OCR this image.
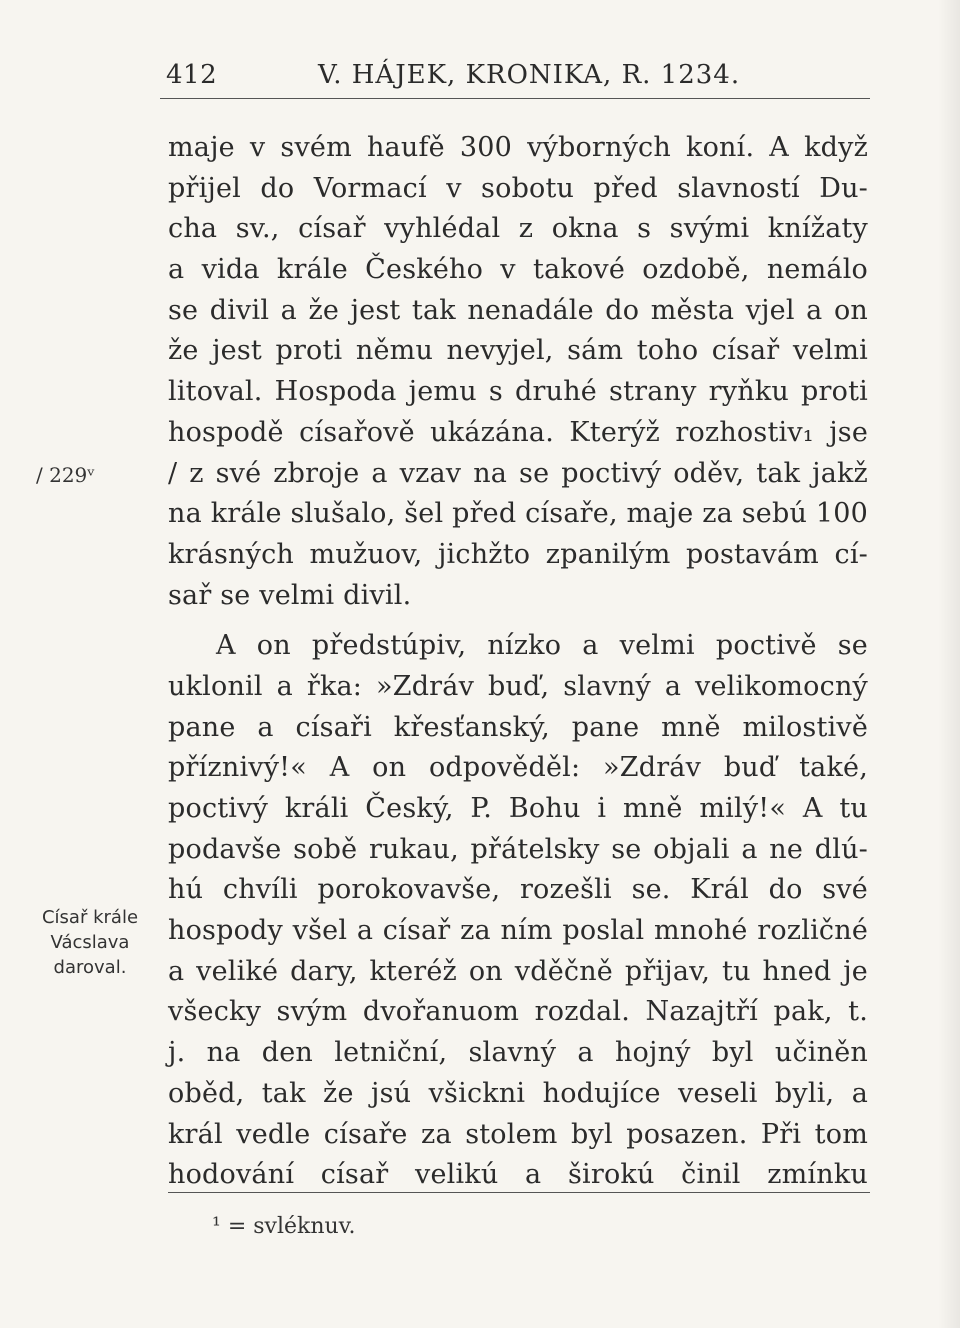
412	V. HÁJEK, KRONIKA, R. 1234.
/ 229ᵛ
Císař krále
Vácslava
daroval.
maje v svém haufě 300 výborných koní. A když
přijel do Vormací v sobotu před slavností Du-
cha sv., císař vyhlédal z okna s svými knížaty
a vida krále Českého v takové ozdobě, nemálo
se divil a že jest tak nenadále do města vjel a on
že jest proti němu nevyjel, sám toho císař velmi
litoval. Hospoda jemu s druhé strany ryňku proti
hospodě císařově ukázána. Kterýž rozhostiv₁ jse
/ z své zbroje a vzav na se poctivý oděv, tak jakž
na krále slušalo, šel před císaře, maje za sebú 100
krásných mužuov, jichžto zpanilým postavám cí-
sař se velmi divil.
A on předstúpiv, nízko a velmi poctivě se
uklonil a řka: »Zdráv buď, slavný a velikomocný
pane a císaři křesťanský, pane mně milostivě
příznivý!« A on odpověděl: »Zdráv buď také,
poctivý králi Český, P. Bohu i mně milý!« A tu
podavše sobě rukau, přátelsky se objali a ne dlú-
hú chvíli porokovavše, rozešli se. Král do své
hospody všel a císař za ním poslal mnohé rozličné
a veliké dary, kteréž on vděčně přijav, tu hned je
všecky svým dvořanuom rozdal. Nazajtří pak, t.
j. na den letniční, slavný a hojný byl učiněn
oběd, tak že jsú všickni hodujíce veseli byli, a
král vedle císaře za stolem byl posazen. Při tom
hodování císař velikú a širokú činil zmínku
¹ = svléknuv.
